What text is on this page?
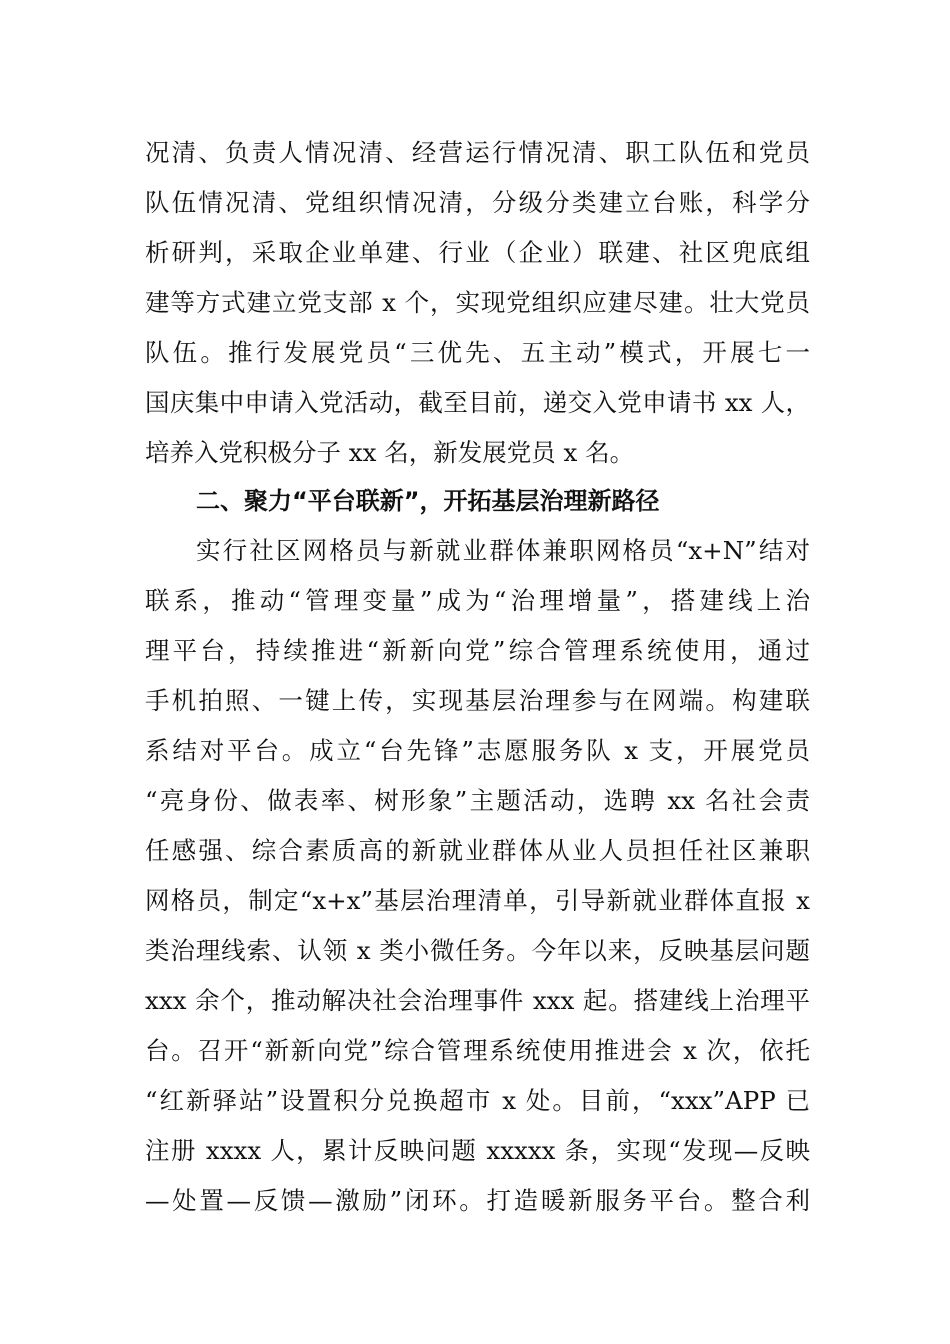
况清、负责人情况清、经营运行情况清、职工队伍和党员
队伍情况清、党组织情况清，分级分类建立台账，科学分
析研判，采取企业单建、行业（企业）联建、社区兜底组
建等方式建立党支部 x 个，实现党组织应建尽建。壮大党员
队伍。推行发展党员“三优先、五主动”模式，开展七一
国庆集中申请入党活动，截至目前，递交入党申请书 xx 人，
培养入党积极分子 xx 名，新发展党员 x 名。
二、聚力“平台联新”，开拓基层治理新路径
实行社区网格员与新就业群体兼职网格员“x+N”结对
联系，推动“管理变量”成为“治理增量”，搭建线上治
理平台，持续推进“新新向党”综合管理系统使用，通过
手机拍照、一键上传，实现基层治理参与在网端。构建联
系结对平台。成立“台先锋”志愿服务队 x 支，开展党员
“亮身份、做表率、树形象”主题活动，选聘 xx 名社会责
任感强、综合素质高的新就业群体从业人员担任社区兼职
网格员，制定“x+x”基层治理清单，引导新就业群体直报 x
类治理线索、认领 x 类小微任务。今年以来，反映基层问题
xxx 余个，推动解决社会治理事件 xxx 起。搭建线上治理平
台。召开“新新向党”综合管理系统使用推进会 x 次，依托
“红新驿站”设置积分兑换超市 x 处。目前，“xxx”APP 已
注册 xxxx 人，累计反映问题 xxxxx 条，实现“发现—反映
—处置—反馈—激励”闭环。打造暖新服务平台。整合利
